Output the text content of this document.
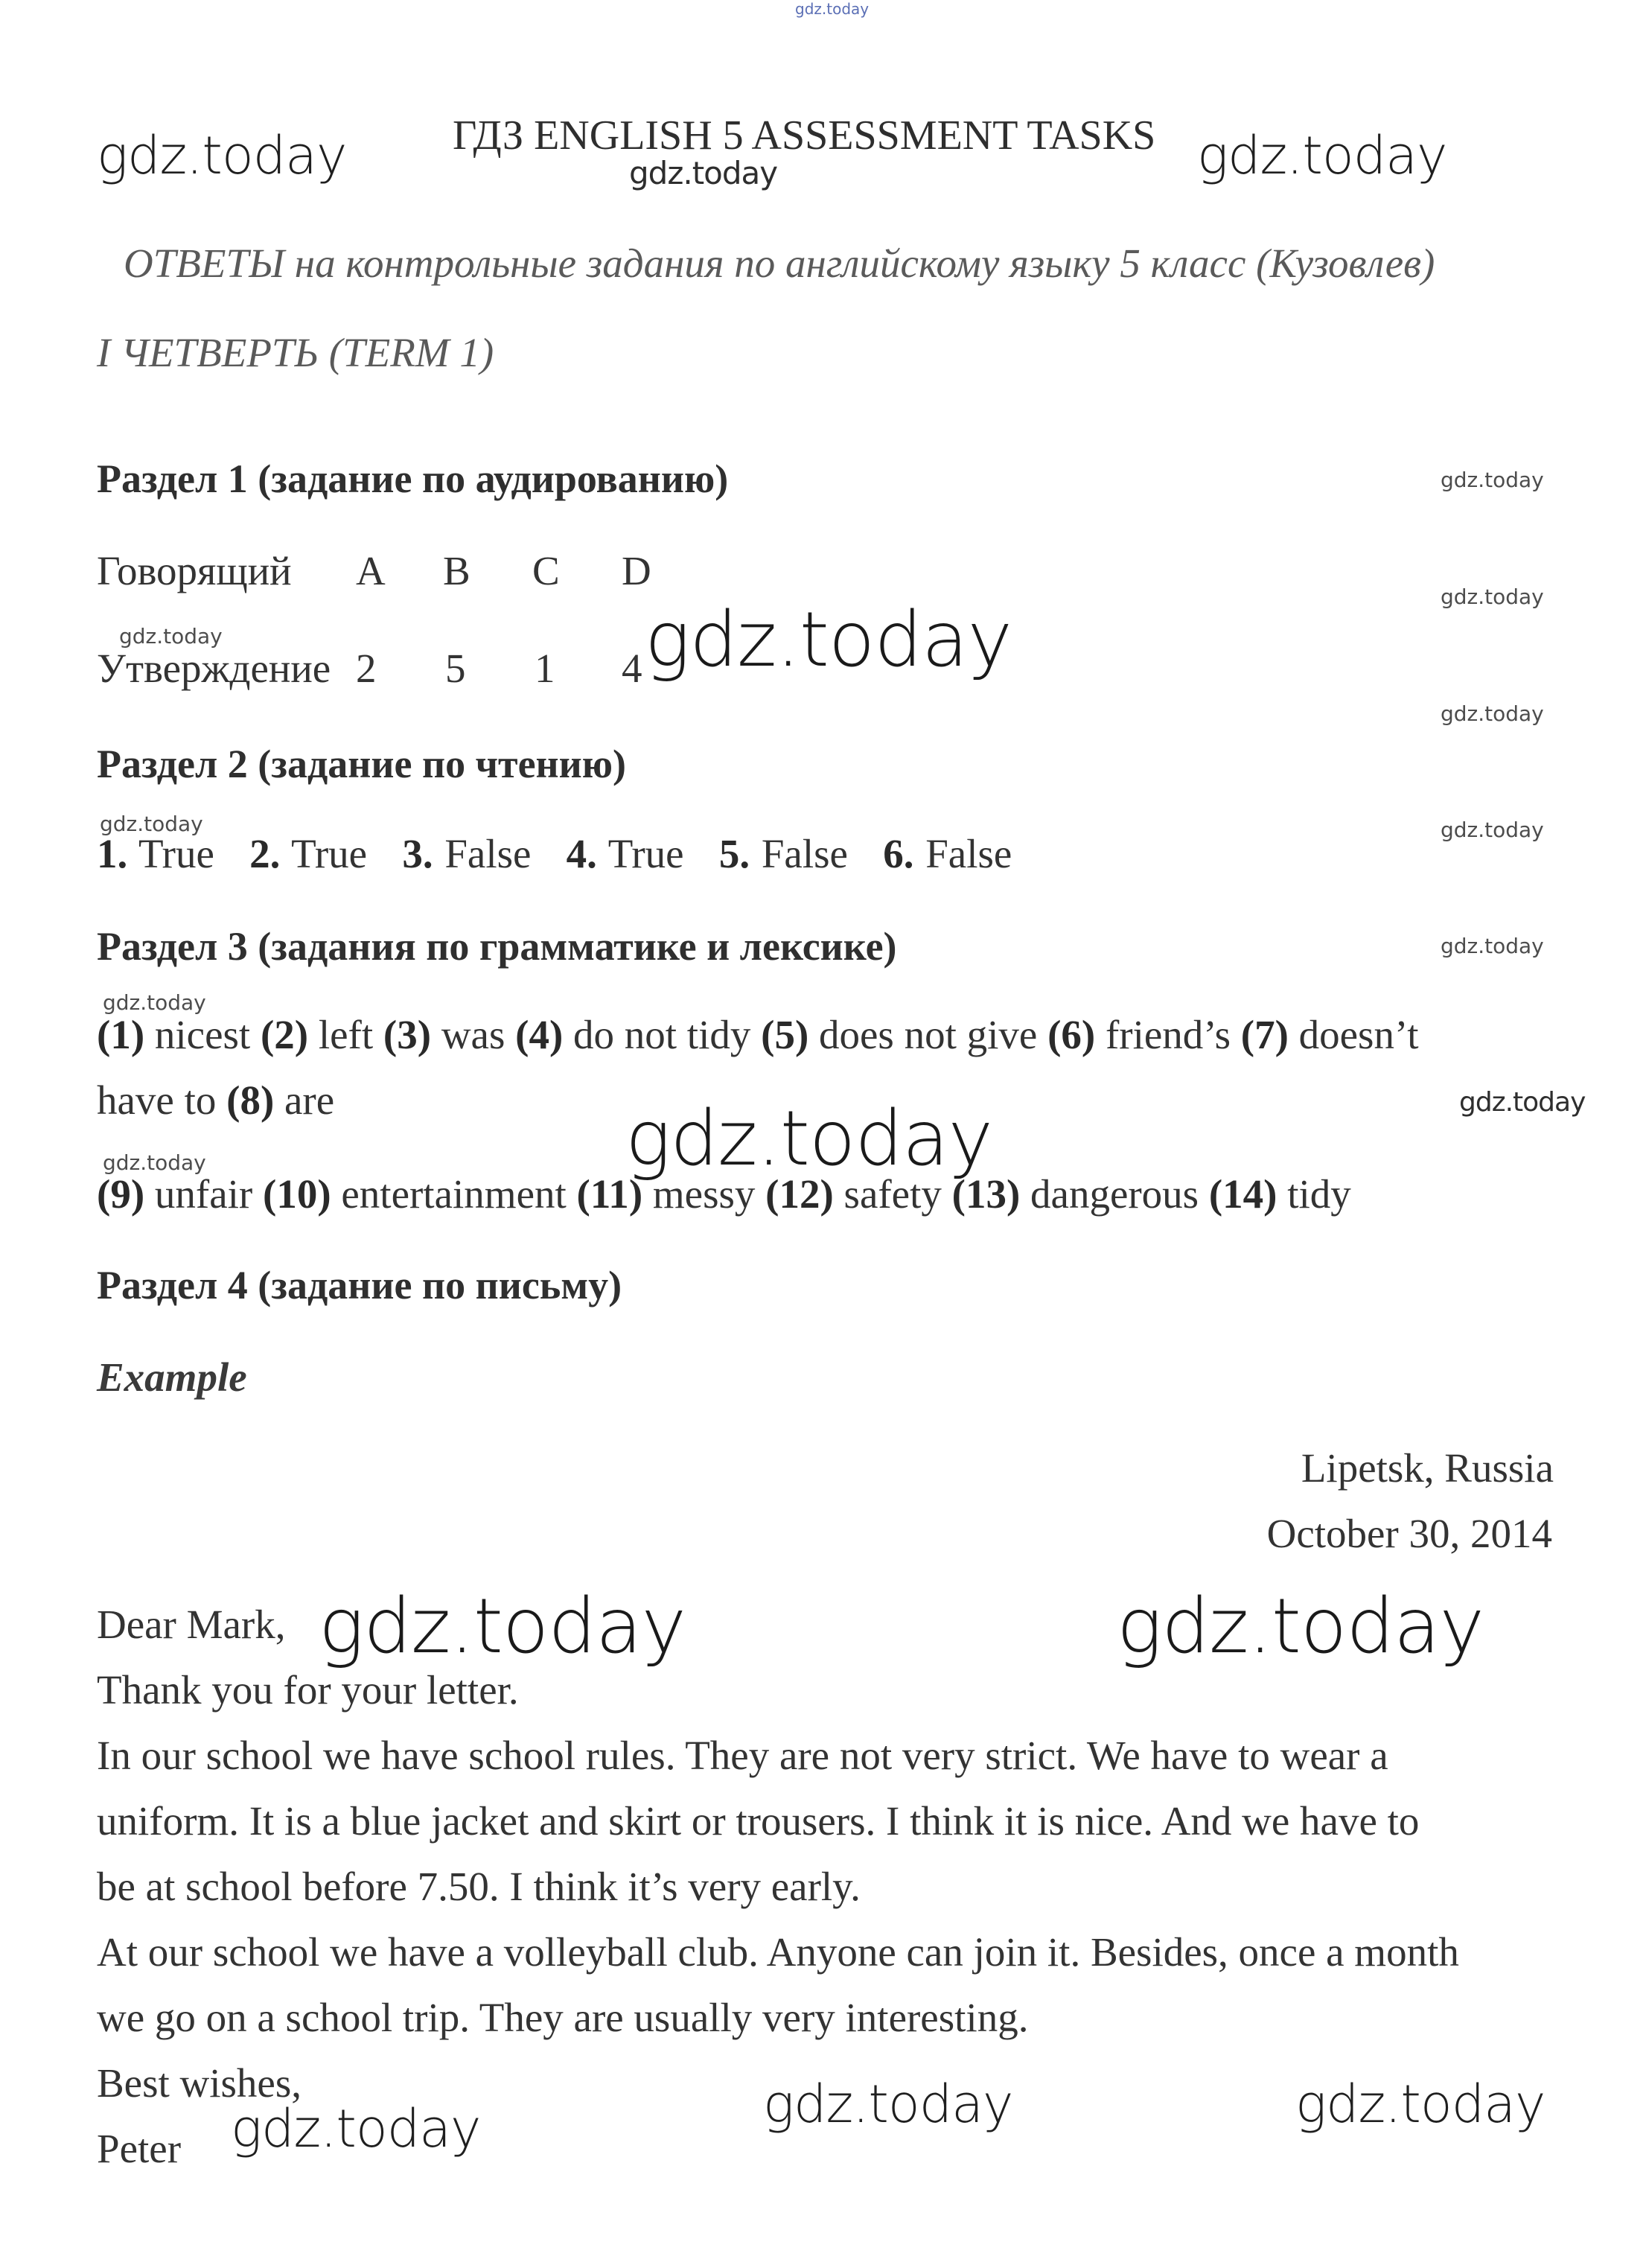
gdz.today
gdz.today	ГДЗ ENGLISH 5 ASSESSMENT TASKS gdz.today
gdz.today
ОТВЕТЫ на контрольные задания по английскому языку 5 класс (Кузовлев)
I ЧЕТВЕРТЬ (TERM 1)
Раздел 1 (задание по аудированию)	gdz.today
Говорящий A B C D
gdz.today
gdz.today
Утверждение 2 5 1 4 gdz.today
gdz.today
Раздел 2 (задание по чтению)
gdz.today	gdz.today
1. True 2. True 3. False 4. True 5. False 6. False
Раздел 3 (задания по грамматике и лексике)	gdz.today
gdz.today
(1) nicest (2) left (3) was (4) do not tidy (5) does not give (6) friend’s (7) doesn’t
have to (8) are	gdz.today
gdz.today
gdz.today
(9) unfair (10) entertainment (11) messy (12) safety (13) dangerous (14) tidy
Раздел 4 (задание по письму)
Example
Lipetsk, Russia
October 30, 2014
Dear Mark, gdz.today	gdz.today
Thank you for your letter.
In our school we have school rules. They are not very strict. We have to wear a
uniform. It is a blue jacket and skirt or trousers. I think it is nice. And we have to
be at school before 7.50. I think it’s very early.
At our school we have a volleyball club. Anyone can join it. Besides, once a month
we go on a school trip. They are usually very interesting.
Best wishes,
Peter
gdz.today	gdz.today
gdz.today
